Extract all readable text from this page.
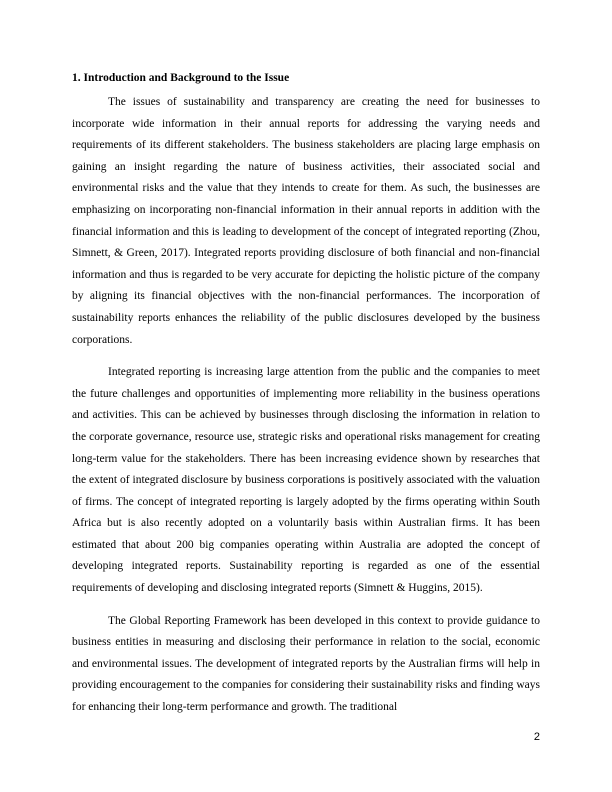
1. Introduction and Background to the Issue

The issues of sustainability and transparency are creating the need for businesses to incorporate wide information in their annual reports for addressing the varying needs and requirements of its different stakeholders. The business stakeholders are placing large emphasis on gaining an insight regarding the nature of business activities, their associated social and environmental risks and the value that they intends to create for them. As such, the businesses are emphasizing on incorporating non-financial information in their annual reports in addition with the financial information and this is leading to development of the concept of integrated reporting (Zhou, Simnett, & Green, 2017). Integrated reports providing disclosure of both financial and non-financial information and thus is regarded to be very accurate for depicting the holistic picture of the company by aligning its financial objectives with the non-financial performances. The incorporation of sustainability reports enhances the reliability of the public disclosures developed by the business corporations.

Integrated reporting is increasing large attention from the public and the companies to meet the future challenges and opportunities of implementing more reliability in the business operations and activities. This can be achieved by businesses through disclosing the information in relation to the corporate governance, resource use, strategic risks and operational risks management for creating long-term value for the stakeholders. There has been increasing evidence shown by researches that the extent of integrated disclosure by business corporations is positively associated with the valuation of firms. The concept of integrated reporting is largely adopted by the firms operating within South Africa but is also recently adopted on a voluntarily basis within Australian firms. It has been estimated that about 200 big companies operating within Australia are adopted the concept of developing integrated reports. Sustainability reporting is regarded as one of the essential requirements of developing and disclosing integrated reports (Simnett & Huggins, 2015).

The Global Reporting Framework has been developed in this context to provide guidance to business entities in measuring and disclosing their performance in relation to the social, economic and environmental issues. The development of integrated reports by the Australian firms will help in providing encouragement to the companies for considering their sustainability risks and finding ways for enhancing their long-term performance and growth. The traditional

2
